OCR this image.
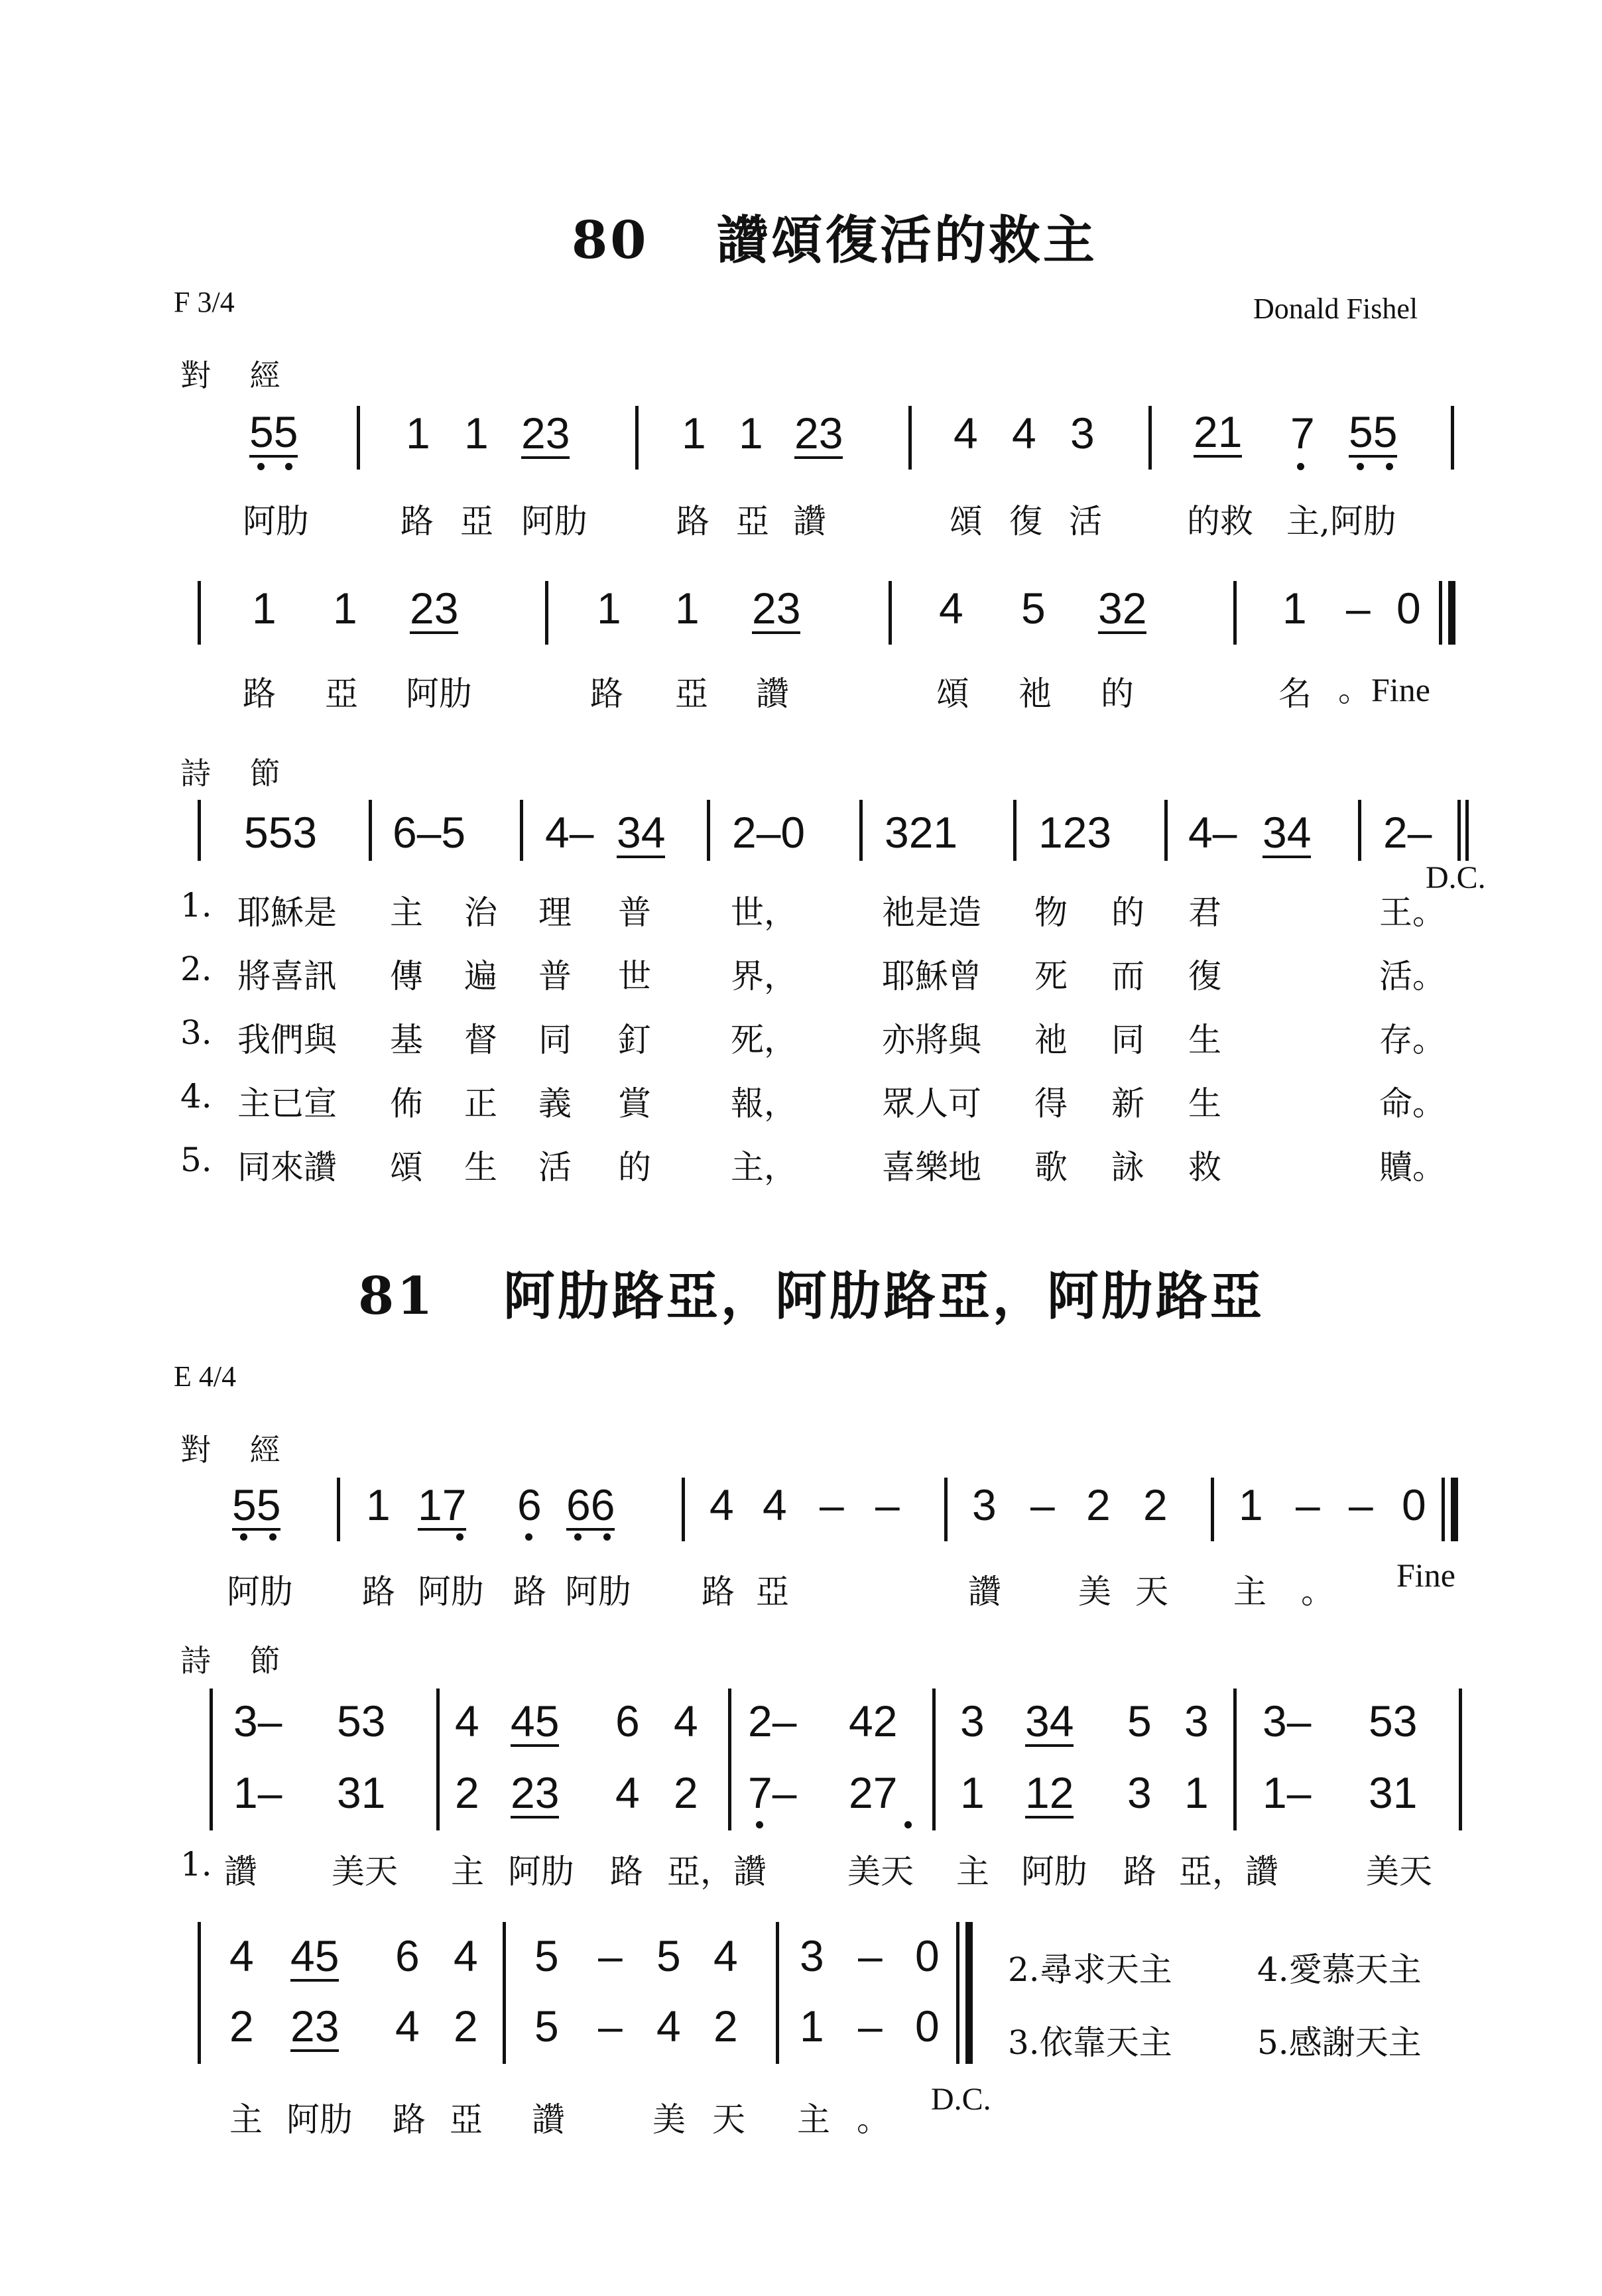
80 讚頌復活的救主
F 3/4	Donald Fishel
對 經
55 1 1 23	1 1 23	4 4 3 21 7 55
阿肋	路 亞 阿肋	路 亞 讚	頌 復 活	的救 主,阿肋
1 1 23	1 1 23	4 5 32	1 – 0
路 亞 阿肋	路 亞 讚	頌 祂 的	名 。Fine
詩 節
553 6–5 4– 34 2–0 321 123 4– 34 2–
D.C.
1. 耶穌是 主 治 理 普 世，	祂是造 物 的 君	王。
2. 將喜訊 傳 遍 普 世 界，	耶穌曾 死 而 復	活。
3. 我們與 基 督 同 釘 死，	亦將與 祂 同 生	存。
4. 主已宣 佈 正 義 賞 報，	眾人可 得 新 生	命。
5. 同來讚 頌 生 活 的 主，	喜樂地 歌 詠 救	贖。
81 阿肋路亞，阿肋路亞，阿肋路亞
E 4/4
對 經
55 1 17 6 66 4 4 – – 3 – 2 2 1 – – 0
阿肋 路 阿肋 路 阿肋 路 亞	讚 美 天 主 。 Fine
詩 節
3– 53 4 45 6 4 2– 42 3 34 5 3 3– 53
1– 31 2 23 4 2 7– 27 1 12 3 1 1– 31
1. 讚 美天 主 阿肋 路 亞，讚 美天 主 阿肋 路 亞，讚	美天
4 45 6 4 5 – 5 4 3 – 0
2 23 4 2 5 – 4 2 1 – 0
2.尋求天主	4.愛慕天主
3.依靠天主	5.感謝天主
主 阿肋 路 亞 讚	美 天 主 。
D.C.
